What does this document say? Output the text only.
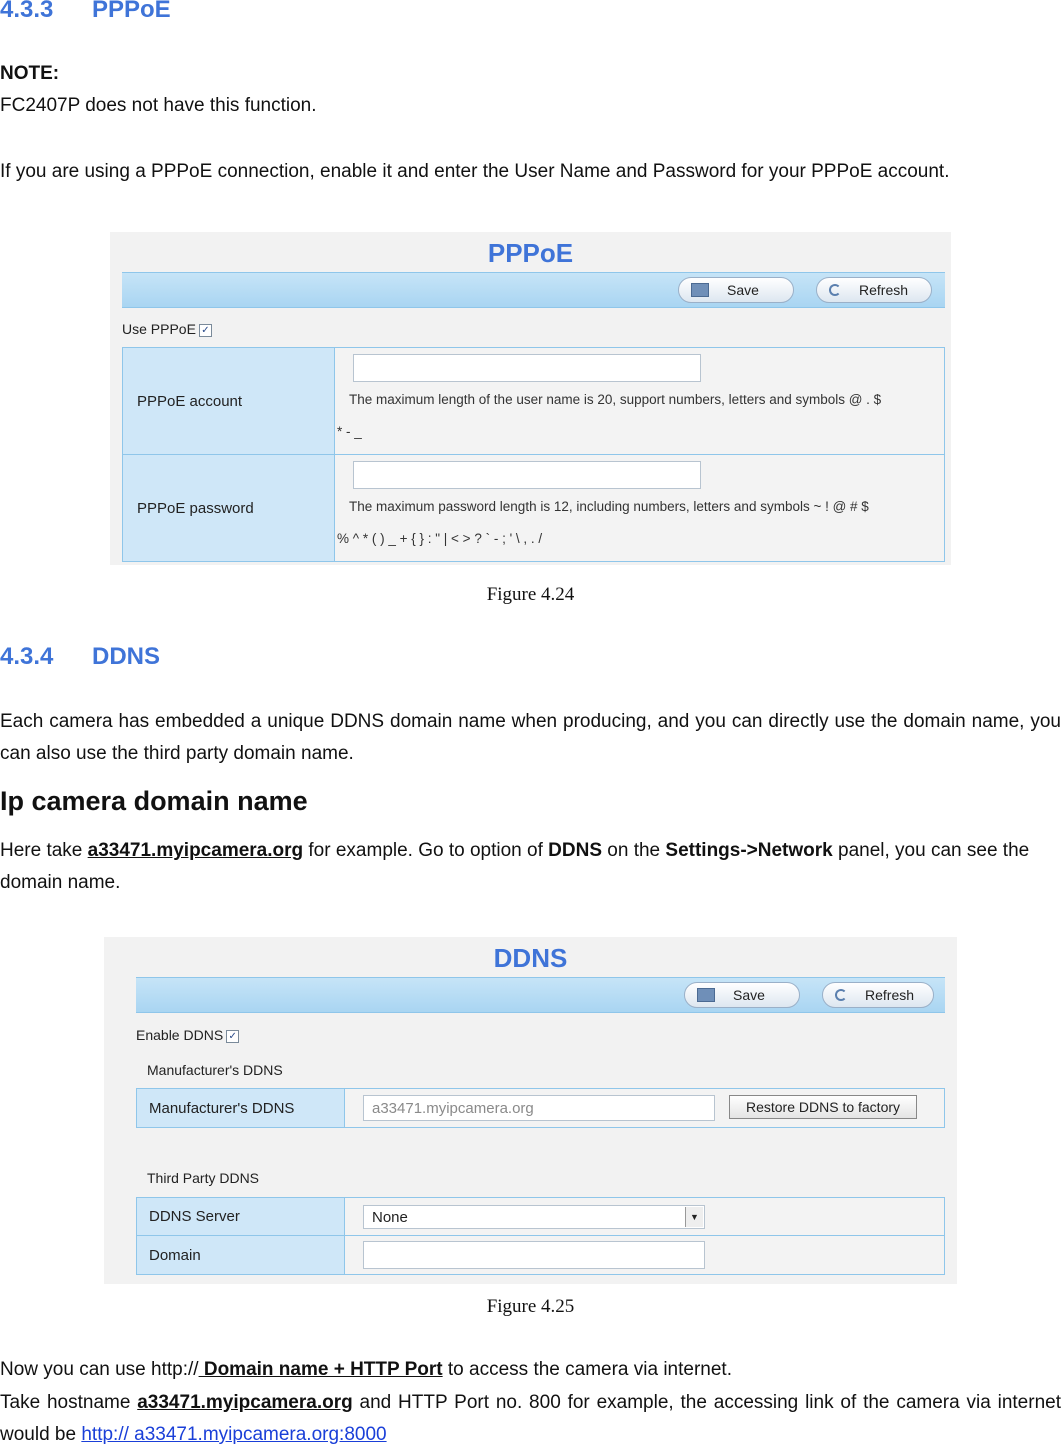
4.3.3 PPPoE
NOTE:
FC2407P does not have this function.
If you are using a PPPoE connection, enable it and enter the User Name and Password for your PPPoE account.
PPPoE
Save	Refresh
Use PPPoE ✓
PPPoE account	The maximum length of the user name is 20, support numbers, letters and symbols @ . $
* - _
PPPoE password	The maximum password length is 12, including numbers, letters and symbols ~ ! @ # $
% ^ * ( ) _ + { } : " | < > ? ` - ; ' \ , . /
Figure 4.24
4.3.4 DDNS
Each camera has embedded a unique DDNS domain name when producing, and you can directly use the domain name, you can also use the third party domain name.
Ip camera domain name
Here take a33471.myipcamera.org for example. Go to option of DDNS on the Settings->Network panel, you can see the domain name.
DDNS
Save	Refresh
Enable DDNS ✓
Manufacturer's DDNS
Manufacturer's DDNS	a33471.myipcamera.org	Restore DDNS to factory
Third Party DDNS
DDNS Server	None	▼
Domain
Figure 4.25
Now you can use http:// Domain name + HTTP Port to access the camera via internet.
Take hostname a33471.myipcamera.org and HTTP Port no. 800 for example, the accessing link of the camera via internet would be http:// a33471.myipcamera.org:8000
